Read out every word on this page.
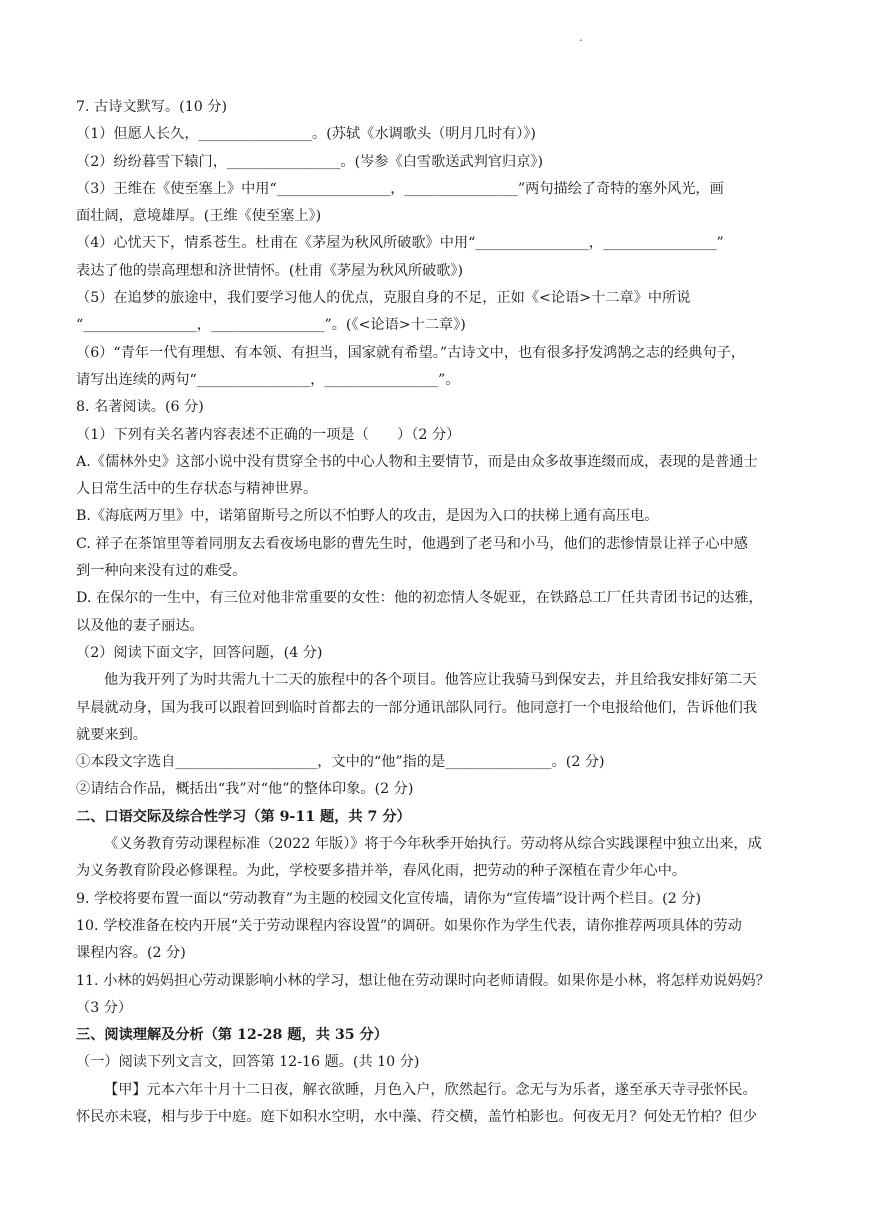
.
7. 古诗文默写。(10 分)
（1）但愿人长久，________________。(苏轼《水调歌头（明月几时有）》)
（2）纷纷暮雪下辕门，________________。(岑参《白雪歌送武判官归京》)
（3）王维在《使至塞上》中用“________________，________________”两句描绘了奇特的塞外风光，画
面壮阔，意境雄厚。(王维《使至塞上》)
（4）心忧天下，情系苍生。杜甫在《茅屋为秋风所破歌》中用“________________，________________”
表达了他的崇高理想和济世情怀。(杜甫《茅屋为秋风所破歌》)
（5）在追梦的旅途中，我们要学习他人的优点，克服自身的不足，正如《<论语>十二章》中所说
“________________，________________”。(《<论语>十二章》)
（6）“青年一代有理想、有本领、有担当，国家就有希望。”古诗文中，也有很多抒发鸿鹄之志的经典句子，
请写出连续的两句“________________，________________”。
8. 名著阅读。(6 分)
（1）下列有关名著内容表述不正确的一项是（　　）（2 分）
A.《儒林外史》这部小说中没有贯穿全书的中心人物和主要情节，而是由众多故事连缀而成，表现的是普通士
人日常生活中的生存状态与精神世界。
B.《海底两万里》中，诺第留斯号之所以不怕野人的攻击，是因为入口的扶梯上通有高压电。
C. 祥子在茶馆里等着同朋友去看夜场电影的曹先生时，他遇到了老马和小马，他们的悲惨情景让祥子心中感
到一种向来没有过的难受。
D. 在保尔的一生中，有三位对他非常重要的女性：他的初恋情人冬妮亚，在铁路总工厂任共青团书记的达雅，
以及他的妻子丽达。
（2）阅读下面文字，回答问题，(4 分)
他为我开列了为时共需九十二天的旅程中的各个项目。他答应让我骑马到保安去，并且给我安排好第二天
早晨就动身，国为我可以跟着回到临时首都去的一部分通讯部队同行。他同意打一个电报给他们，告诉他们我
就要来到。
①本段文字选自____________________，文中的“他”指的是_______________。(2 分)
②请结合作品，概括出“我”对“他”的整体印象。(2 分)
二、口语交际及综合性学习（第 9-11 题，共 7 分）
《义务教育劳动课程标准（2022 年版）》将于今年秋季开始执行。劳动将从综合实践课程中独立出来，成
为义务教育阶段必修课程。为此，学校要多措并举，春风化雨，把劳动的种子深植在青少年心中。
9. 学校将要布置一面以“劳动教育”为主题的校园文化宣传墙，请你为“宣传墙”设计两个栏目。(2 分)
10. 学校准备在校内开展“关于劳动课程内容设置”的调研。如果你作为学生代表，请你推荐两项具体的劳动
课程内容。(2 分)
11. 小林的妈妈担心劳动课影响小林的学习，想让他在劳动课时向老师请假。如果你是小林，将怎样劝说妈妈？
（3 分）
三、阅读理解及分析（第 12-28 题，共 35 分）
（一）阅读下列文言文，回答第 12-16 题。(共 10 分)
【甲】元本六年十月十二日夜，解衣欲睡，月色入户，欣然起行。念无与为乐者，遂至承天寺寻张怀民。
怀民亦未寝，相与步于中庭。庭下如积水空明，水中藻、荇交横，盖竹柏影也。何夜无月？何处无竹柏？但少
